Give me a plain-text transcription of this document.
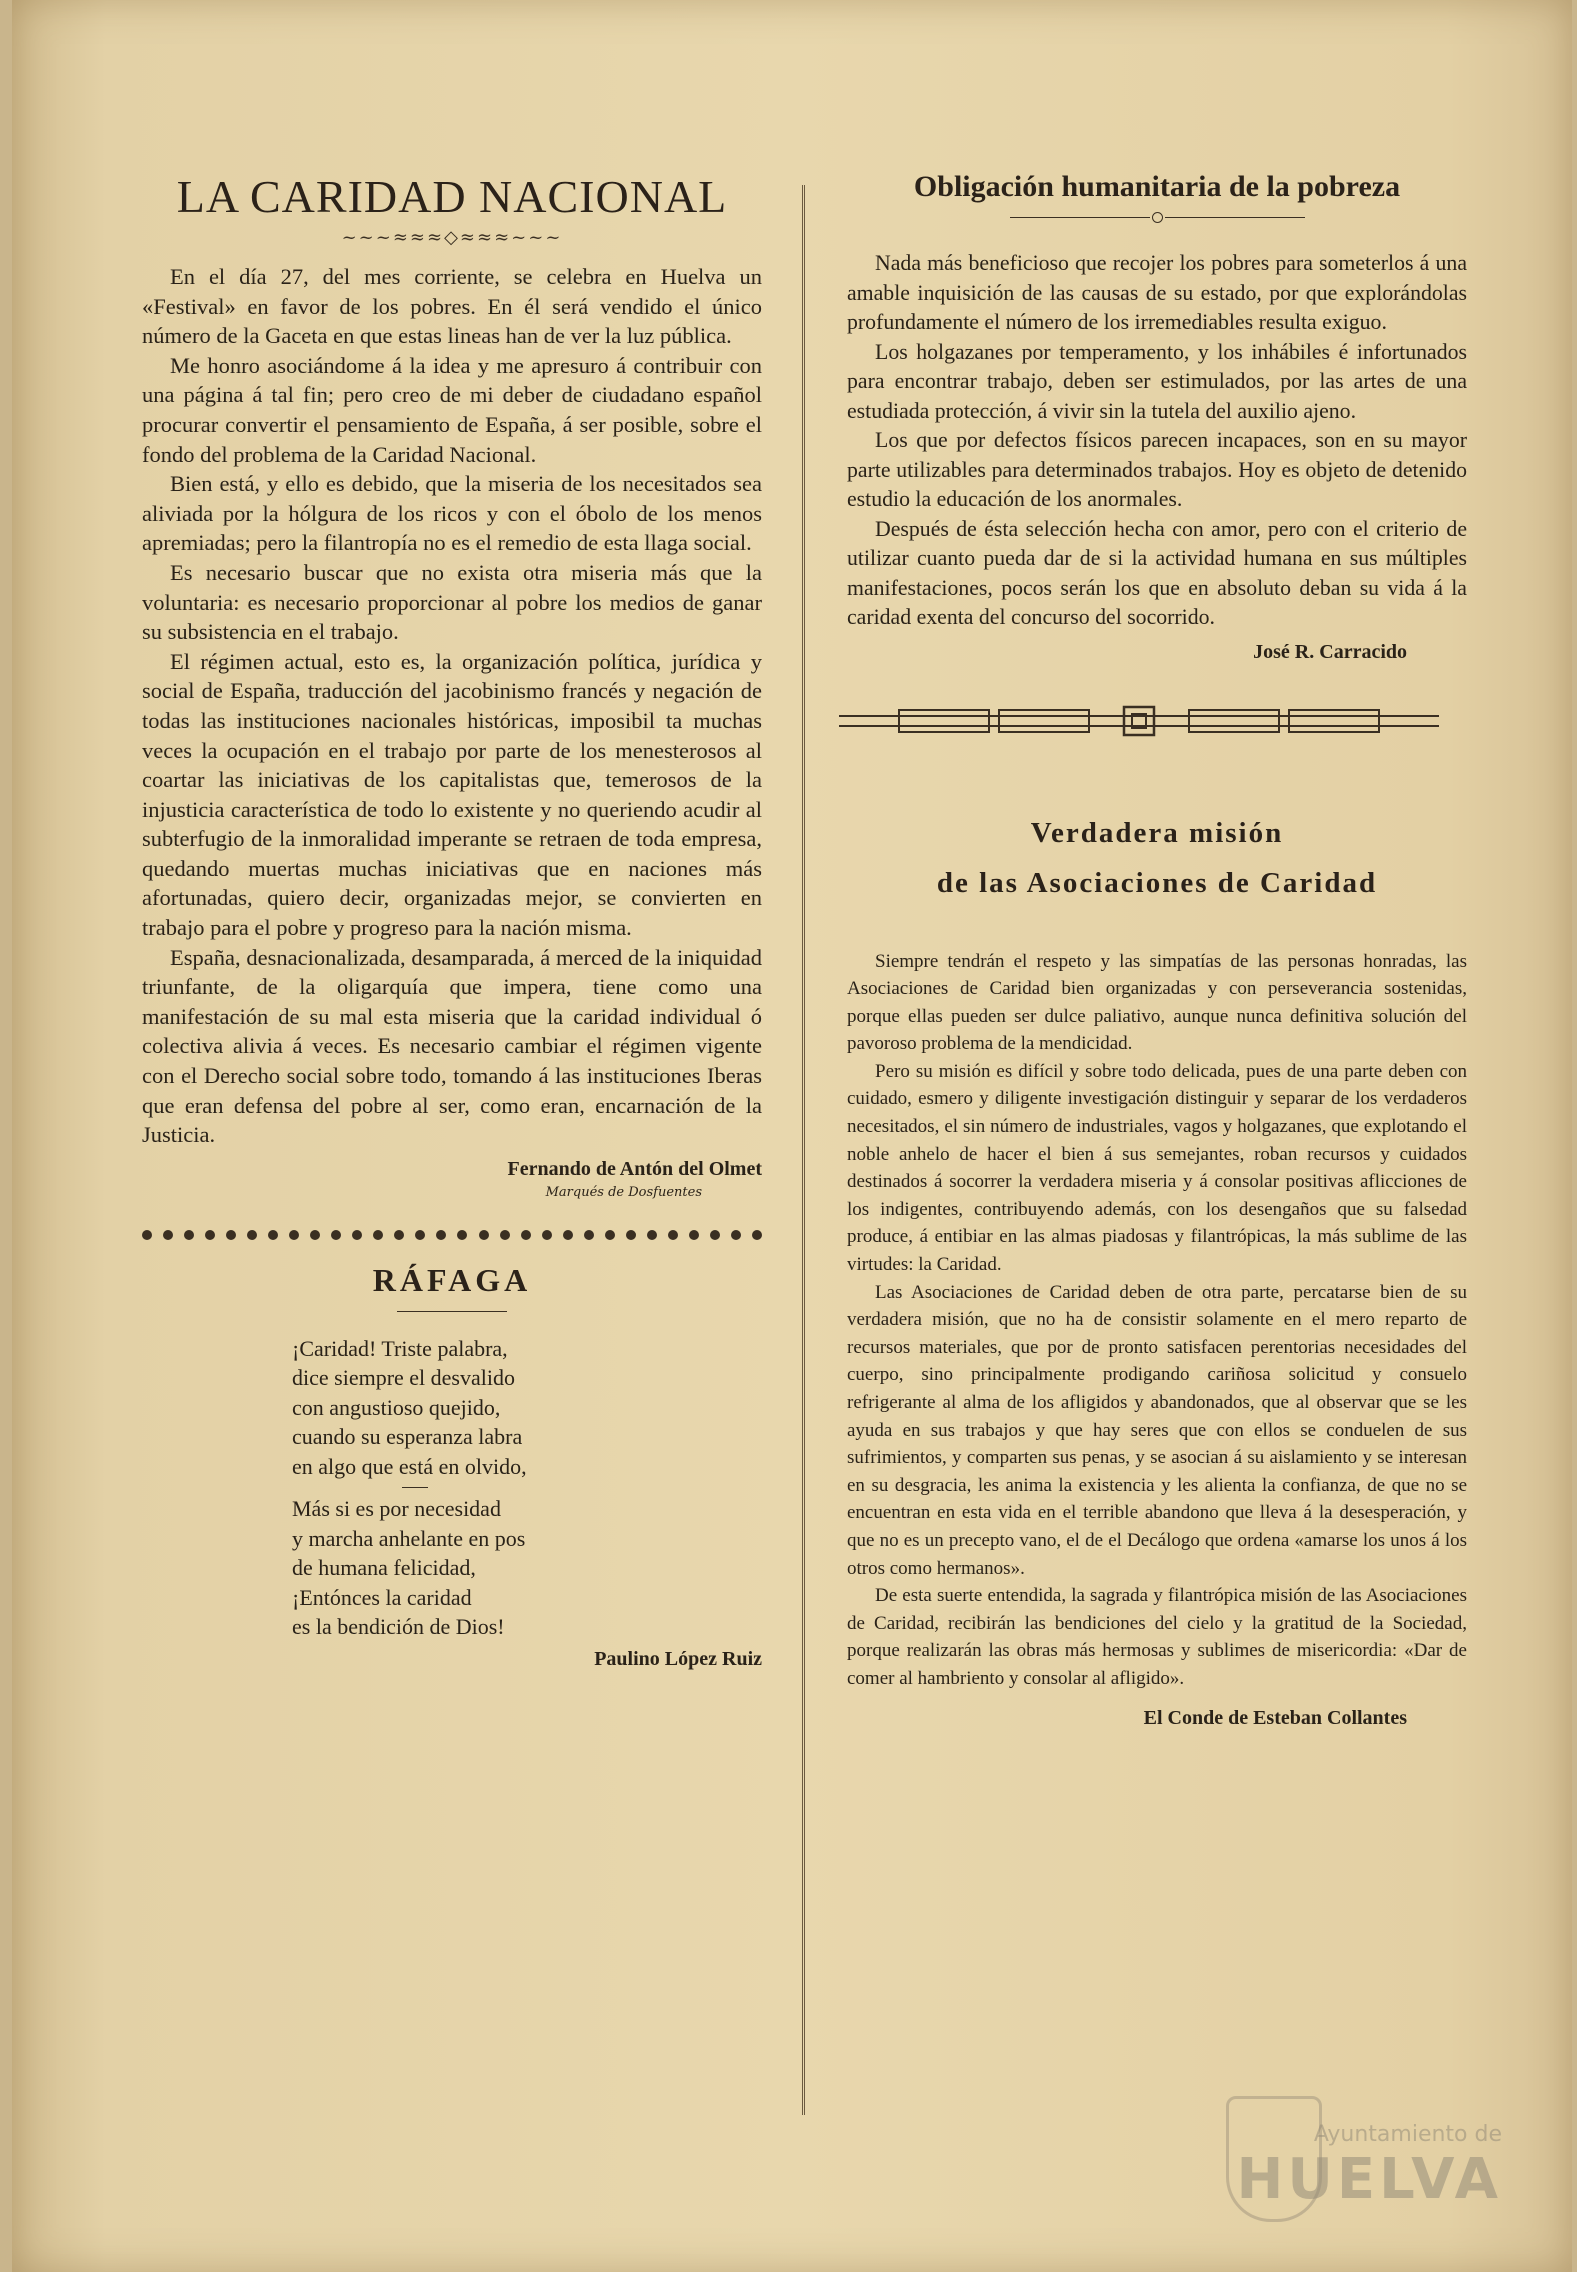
LA CARIDAD NACIONAL
~~~≈≈≈◇≈≈≈~~~

En el día 27, del mes corriente, se celebra en Huelva un «Festival» en favor de los pobres. En él será vendido el único número de la Gaceta en que estas lineas han de ver la luz pública.

Me honro asociándome á la idea y me apresuro á contribuir con una página á tal fin; pero creo de mi deber de ciudadano español procurar convertir el pensamiento de España, á ser posible, sobre el fondo del problema de la Caridad Nacional.

Bien está, y ello es debido, que la miseria de los necesitados sea aliviada por la hólgura de los ricos y con el óbolo de los menos apremiadas; pero la filantropía no es el remedio de esta llaga social.

Es necesario buscar que no exista otra miseria más que la voluntaria: es necesario proporcionar al pobre los medios de ganar su subsistencia en el trabajo.

El régimen actual, esto es, la organización política, jurídica y social de España, traducción del jacobinismo francés y negación de todas las instituciones nacionales históricas, imposibil ta muchas veces la ocupación en el trabajo por parte de los menesterosos al coartar las iniciativas de los capitalistas que, temerosos de la injusticia característica de todo lo existente y no queriendo acudir al subterfugio de la inmoralidad imperante se retraen de toda empresa, quedando muertas muchas iniciativas que en naciones más afortunadas, quiero decir, organizadas mejor, se convierten en trabajo para el pobre y progreso para la nación misma.

España, desnacionalizada, desamparada, á merced de la iniquidad triunfante, de la oligarquía que impera, tiene como una manifestación de su mal esta miseria que la caridad individual ó colectiva alivia á veces. Es necesario cambiar el régimen vigente con el Derecho social sobre todo, tomando á las instituciones Iberas que eran defensa del pobre al ser, como eran, encarnación de la Justicia.

Fernando de Antón del Olmet
Marqués de Dosfuentes
RÁFAGA
¡Caridad! Triste palabra,
dice siempre el desvalido
con angustioso quejido,
cuando su esperanza labra
en algo que está en olvido,
Más si es por necesidad
y marcha anhelante en pos
de humana felicidad,
¡Entónces la caridad
es la bendición de Dios!
Paulino López Ruiz
Obligación humanitaria de la pobreza

Nada más beneficioso que recojer los pobres para someterlos á una amable inquisición de las causas de su estado, por que explorándolas profundamente el número de los irremediables resulta exiguo.

Los holgazanes por temperamento, y los inhábiles é infortunados para encontrar trabajo, deben ser estimulados, por las artes de una estudiada protección, á vivir sin la tutela del auxilio ajeno.

Los que por defectos físicos parecen incapaces, son en su mayor parte utilizables para determinados trabajos. Hoy es objeto de detenido estudio la educación de los anormales.

Después de ésta selección hecha con amor, pero con el criterio de utilizar cuanto pueda dar de si la actividad humana en sus múltiples manifestaciones, pocos serán los que en absoluto deban su vida á la caridad exenta del concurso del socorrido.

José R. Carracido
Verdadera misión
de las Asociaciones de Caridad

Siempre tendrán el respeto y las simpatías de las personas honradas, las Asociaciones de Caridad bien organizadas y con perseverancia sostenidas, porque ellas pueden ser dulce paliativo, aunque nunca definitiva solución del pavoroso problema de la mendicidad.

Pero su misión es difícil y sobre todo delicada, pues de una parte deben con cuidado, esmero y diligente investigación distinguir y separar de los verdaderos necesitados, el sin número de industriales, vagos y holgazanes, que explotando el noble anhelo de hacer el bien á sus semejantes, roban recursos y cuidados destinados á socorrer la verdadera miseria y á consolar positivas aflicciones de los indigentes, contribuyendo además, con los desengaños que su falsedad produce, á entibiar en las almas piadosas y filantrópicas, la más sublime de las virtudes: la Caridad.

Las Asociaciones de Caridad deben de otra parte, percatarse bien de su verdadera misión, que no ha de consistir solamente en el mero reparto de recursos materiales, que por de pronto satisfacen perentorias necesidades del cuerpo, sino principalmente prodigando cariñosa solicitud y consuelo refrigerante al alma de los afligidos y abandonados, que al observar que se les ayuda en sus trabajos y que hay seres que con ellos se conduelen de sus sufrimientos, y comparten sus penas, y se asocian á su aislamiento y se interesan en su desgracia, les anima la existencia y les alienta la confianza, de que no se encuentran en esta vida en el terrible abandono que lleva á la desesperación, y que no es un precepto vano, el de el Decálogo que ordena «amarse los unos á los otros como hermanos».

De esta suerte entendida, la sagrada y filantrópica misión de las Asociaciones de Caridad, recibirán las bendiciones del cielo y la gratitud de la Sociedad, porque realizarán las obras más hermosas y sublimes de misericordia: «Dar de comer al hambriento y consolar al afligido».

El Conde de Esteban Collantes
Ayuntamiento de
HUELVA
